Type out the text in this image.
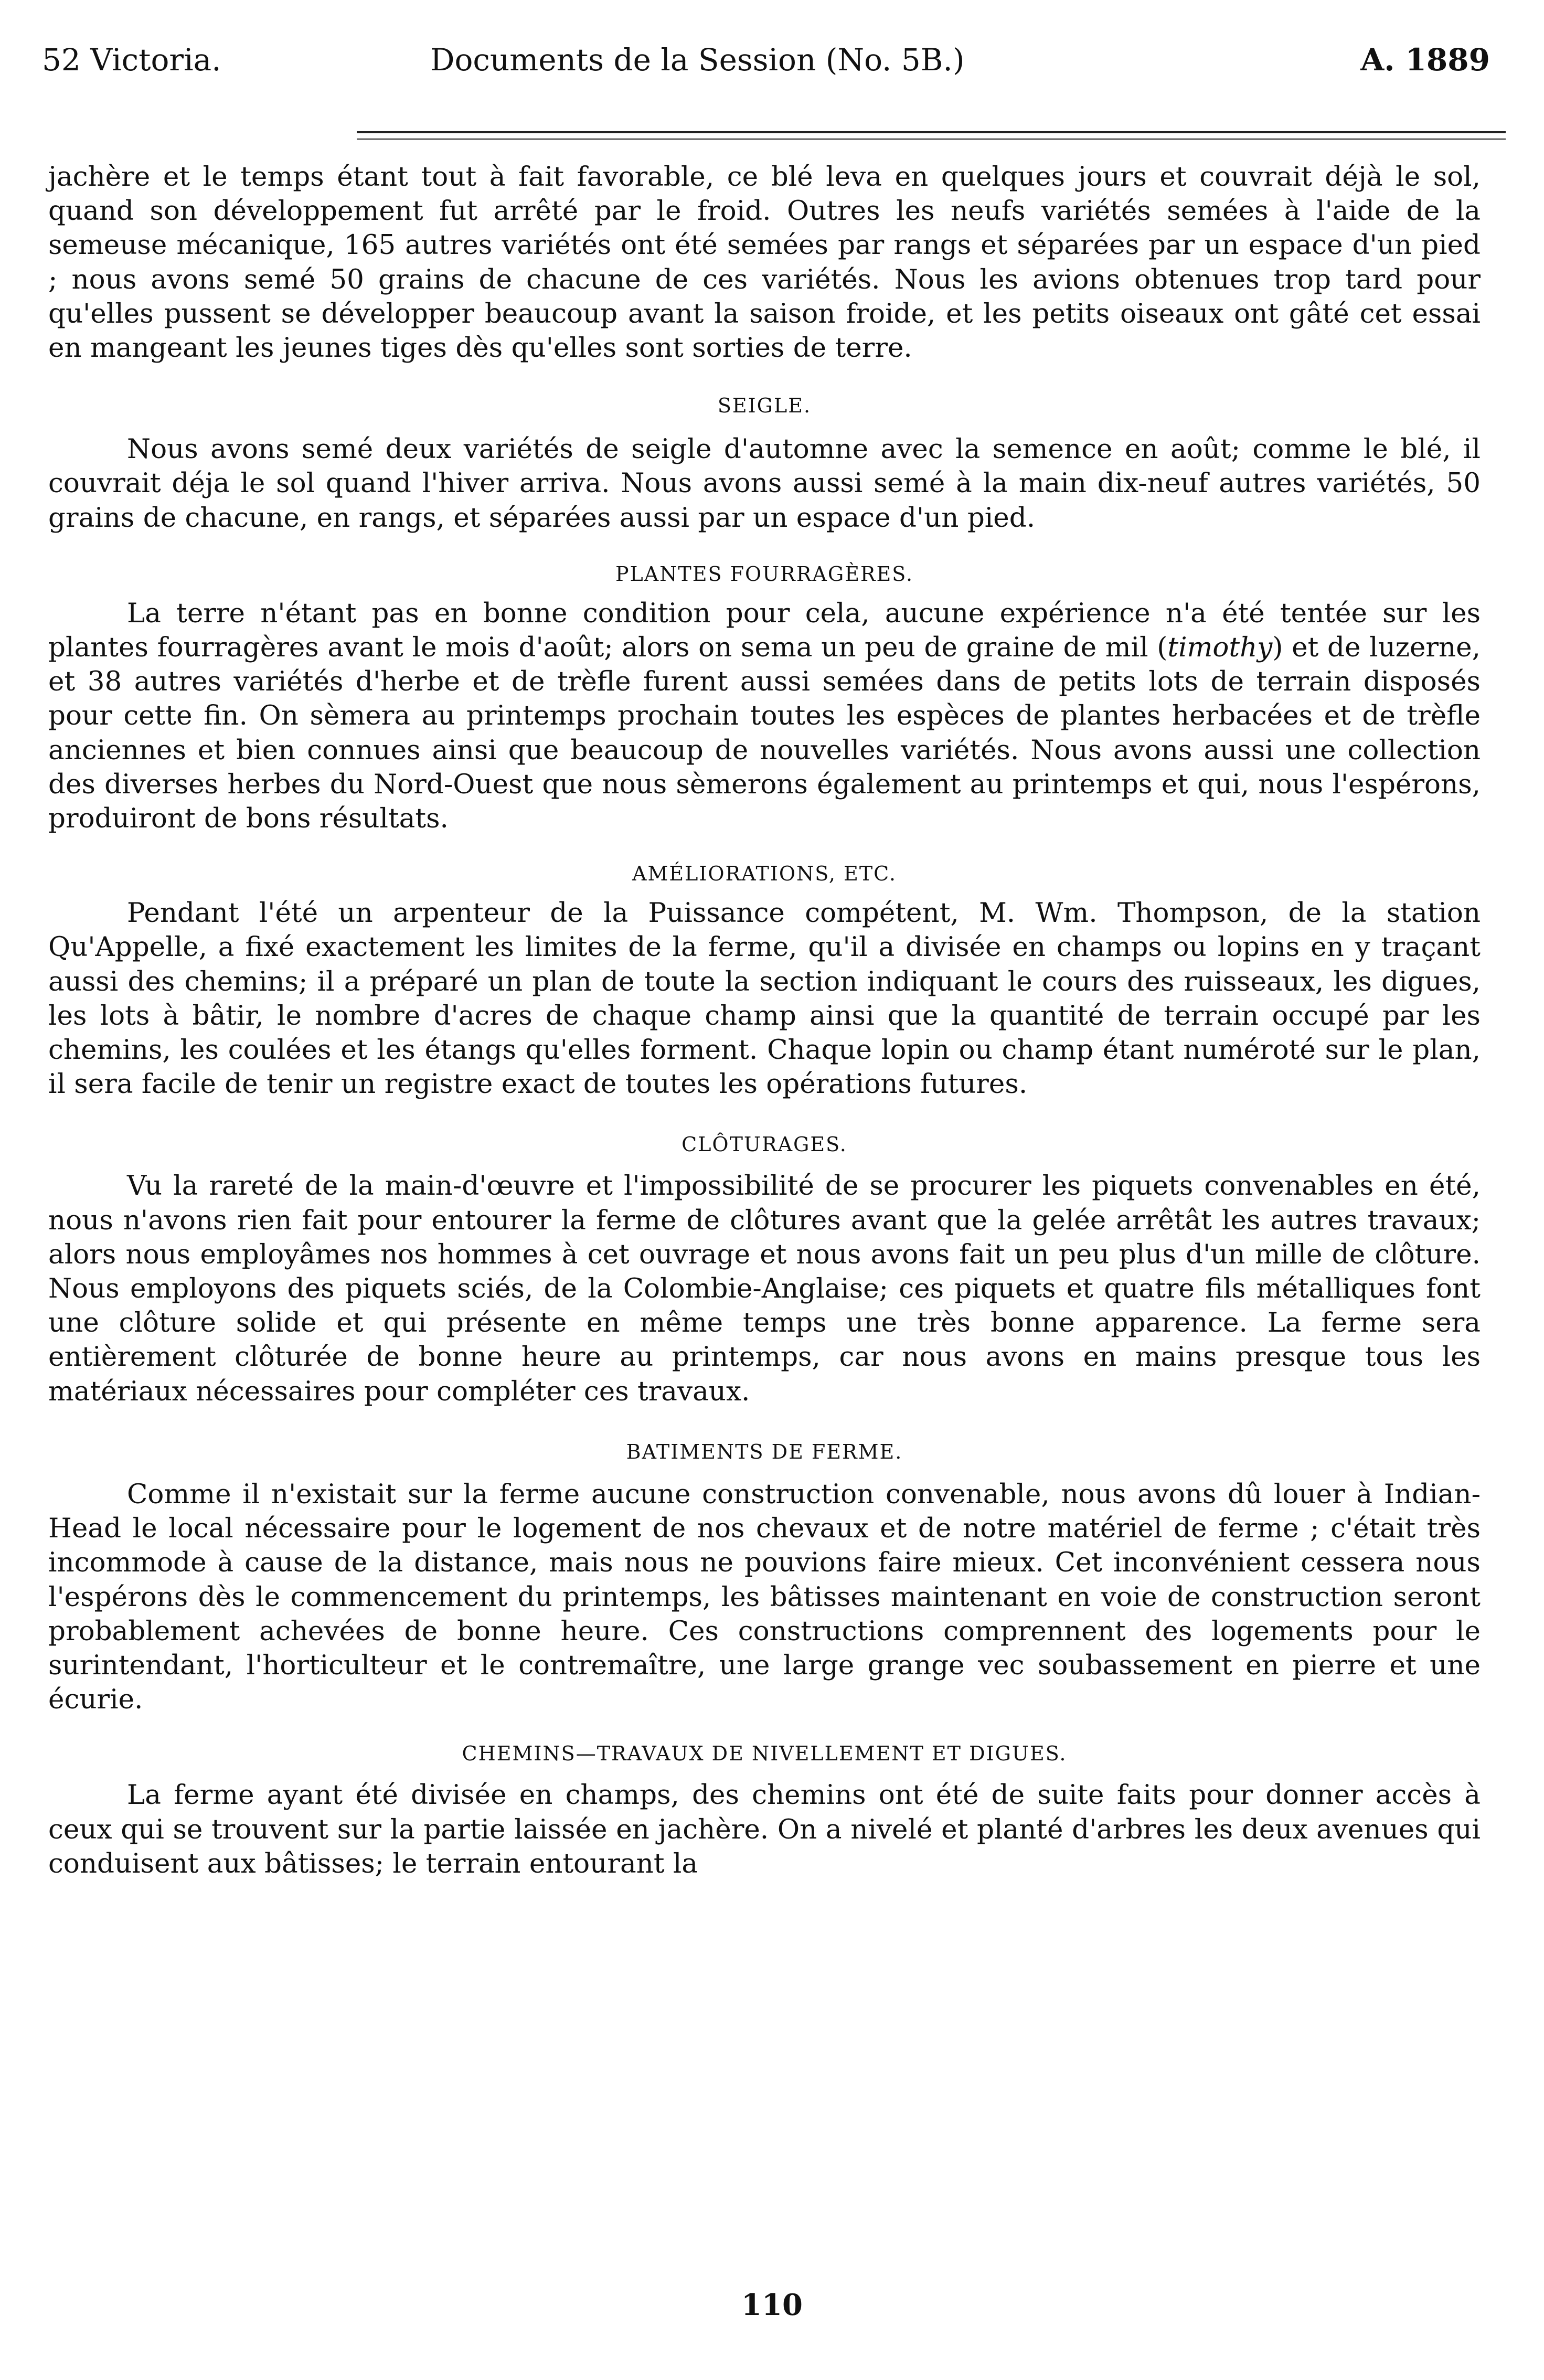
52 Victoria.	Documents de la Session (No. 5B.)	A. 1889

jachère et le temps étant tout à fait favorable, ce blé leva en quelques jours et couvrait déjà le sol, quand son développement fut arrêté par le froid. Outres les neufs variétés semées à l'aide de la semeuse mécanique, 165 autres variétés ont été semées par rangs et séparées par un espace d'un pied ; nous avons semé 50 grains de chacune de ces variétés. Nous les avions obtenues trop tard pour qu'elles pussent se développer beaucoup avant la saison froide, et les petits oiseaux ont gâté cet essai en mangeant les jeunes tiges dès qu'elles sont sorties de terre.

SEIGLE.

Nous avons semé deux variétés de seigle d'automne avec la semence en août; comme le blé, il couvrait déja le sol quand l'hiver arriva. Nous avons aussi semé à la main dix-neuf autres variétés, 50 grains de chacune, en rangs, et séparées aussi par un espace d'un pied.

PLANTES FOURRAGÈRES.

La terre n'étant pas en bonne condition pour cela, aucune expérience n'a été tentée sur les plantes fourragères avant le mois d'août; alors on sema un peu de graine de mil (timothy) et de luzerne, et 38 autres variétés d'herbe et de trèfle furent aussi semées dans de petits lots de terrain disposés pour cette fin. On sèmera au printemps prochain toutes les espèces de plantes herbacées et de trèfle anciennes et bien connues ainsi que beaucoup de nouvelles variétés. Nous avons aussi une collection des diverses herbes du Nord-Ouest que nous sèmerons également au printemps et qui, nous l'espérons, produiront de bons résultats.

AMÉLIORATIONS, ETC.

Pendant l'été un arpenteur de la Puissance compétent, M. Wm. Thompson, de la station Qu'Appelle, a fixé exactement les limites de la ferme, qu'il a divisée en champs ou lopins en y traçant aussi des chemins; il a préparé un plan de toute la section indiquant le cours des ruisseaux, les digues, les lots à bâtir, le nombre d'acres de chaque champ ainsi que la quantité de terrain occupé par les chemins, les coulées et les étangs qu'elles forment. Chaque lopin ou champ étant numéroté sur le plan, il sera facile de tenir un registre exact de toutes les opérations futures.

CLÔTURAGES.

Vu la rareté de la main-d'œuvre et l'impossibilité de se procurer les piquets convenables en été, nous n'avons rien fait pour entourer la ferme de clôtures avant que la gelée arrêtât les autres travaux; alors nous employâmes nos hommes à cet ouvrage et nous avons fait un peu plus d'un mille de clôture. Nous employons des piquets sciés, de la Colombie-Anglaise; ces piquets et quatre fils métalliques font une clôture solide et qui présente en même temps une très bonne apparence. La ferme sera entièrement clôturée de bonne heure au printemps, car nous avons en mains presque tous les matériaux nécessaires pour compléter ces travaux.

BATIMENTS DE FERME.

Comme il n'existait sur la ferme aucune construction convenable, nous avons dû louer à Indian-Head le local nécessaire pour le logement de nos chevaux et de notre matériel de ferme ; c'était très incommode à cause de la distance, mais nous ne pouvions faire mieux. Cet inconvénient cessera nous l'espérons dès le commencement du printemps, les bâtisses maintenant en voie de construction seront probablement achevées de bonne heure. Ces constructions comprennent des logements pour le surintendant, l'horticulteur et le contremaître, une large grange vec soubassement en pierre et une écurie.

CHEMINS—TRAVAUX DE NIVELLEMENT ET DIGUES.

La ferme ayant été divisée en champs, des chemins ont été de suite faits pour donner accès à ceux qui se trouvent sur la partie laissée en jachère. On a nivelé et planté d'arbres les deux avenues qui conduisent aux bâtisses; le terrain entourant la

110
